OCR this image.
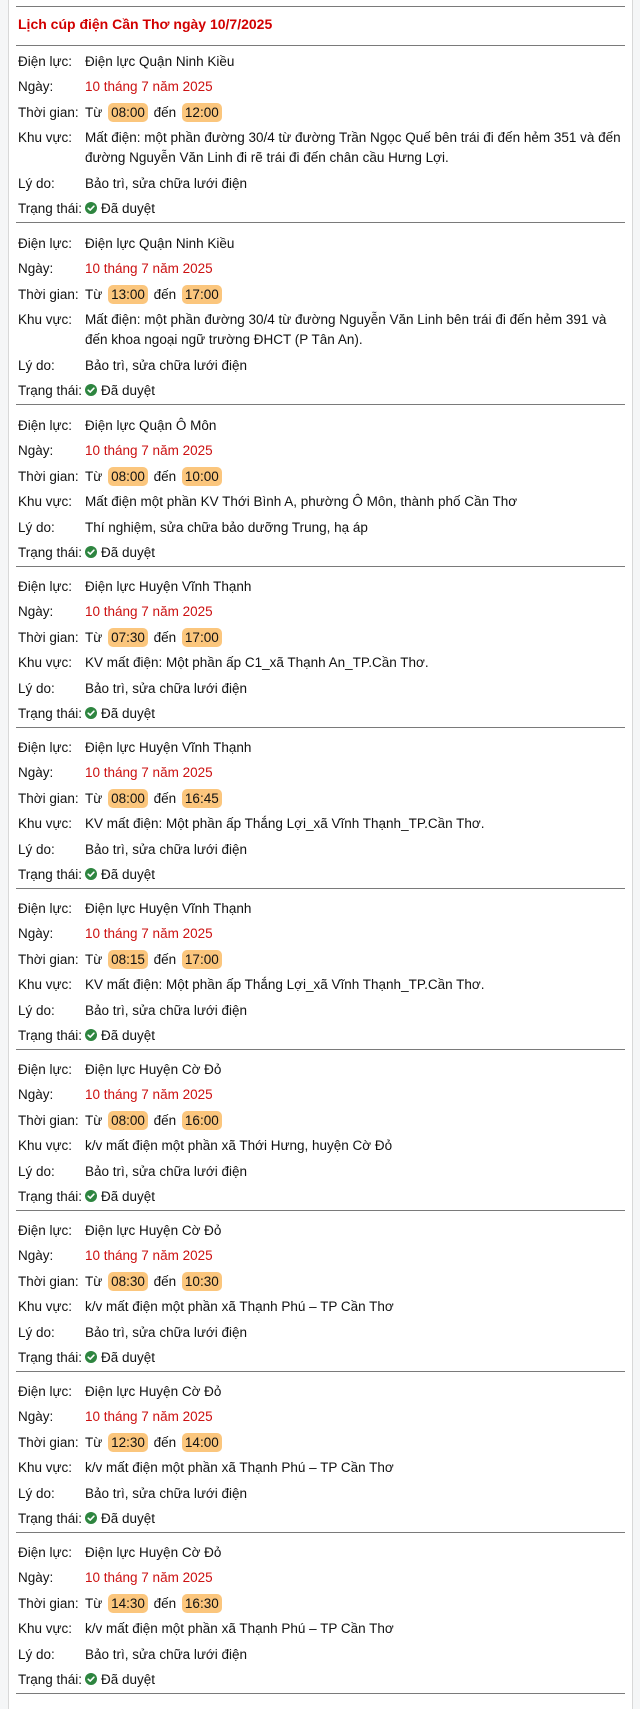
Lịch cúp điện Cần Thơ ngày 10/7/2025
Điện lực: Điện lực Quận Ninh Kiều
Ngày:	10 tháng 7 năm 2025
Thời gian: Từ 08:00 đến 12:00
Khu vực: Mất điện: một phần đường 30/4 từ đường Trần Ngọc Quế bên trái đi đến hẻm 351 và đến đường Nguyễn Văn Linh đi rẽ trái đi đến chân cầu Hưng Lợi.
Lý do:	Bảo trì, sửa chữa lưới điện
Trạng thái:	Đã duyệt
Điện lực: Điện lực Quận Ninh Kiều
Ngày:	10 tháng 7 năm 2025
Thời gian: Từ 13:00 đến 17:00
Khu vực: Mất điện: một phần đường 30/4 từ đường Nguyễn Văn Linh bên trái đi đến hẻm 391 và đến khoa ngoại ngữ trường ĐHCT (P Tân An).
Lý do:	Bảo trì, sửa chữa lưới điện
Trạng thái:	Đã duyệt
Điện lực: Điện lực Quận Ô Môn
Ngày:	10 tháng 7 năm 2025
Thời gian: Từ 08:00 đến 10:00
Khu vực: Mất điện một phần KV Thới Bình A, phường Ô Môn, thành phố Cần Thơ
Lý do:	Thí nghiệm, sửa chữa bảo dưỡng Trung, hạ áp
Trạng thái:	Đã duyệt
Điện lực: Điện lực Huyện Vĩnh Thạnh
Ngày:	10 tháng 7 năm 2025
Thời gian: Từ 07:30 đến 17:00
Khu vực: KV mất điện: Một phần ấp C1_xã Thạnh An_TP.Cần Thơ.
Lý do:	Bảo trì, sửa chữa lưới điện
Trạng thái:	Đã duyệt
Điện lực: Điện lực Huyện Vĩnh Thạnh
Ngày:	10 tháng 7 năm 2025
Thời gian: Từ 08:00 đến 16:45
Khu vực: KV mất điện: Một phần ấp Thắng Lợi_xã Vĩnh Thạnh_TP.Cần Thơ.
Lý do:	Bảo trì, sửa chữa lưới điện
Trạng thái:	Đã duyệt
Điện lực: Điện lực Huyện Vĩnh Thạnh
Ngày:	10 tháng 7 năm 2025
Thời gian: Từ 08:15 đến 17:00
Khu vực: KV mất điện: Một phần ấp Thắng Lợi_xã Vĩnh Thạnh_TP.Cần Thơ.
Lý do:	Bảo trì, sửa chữa lưới điện
Trạng thái:	Đã duyệt
Điện lực: Điện lực Huyện Cờ Đỏ
Ngày:	10 tháng 7 năm 2025
Thời gian: Từ 08:00 đến 16:00
Khu vực: k/v mất điện một phần xã Thới Hưng, huyện Cờ Đỏ
Lý do:	Bảo trì, sửa chữa lưới điện
Trạng thái:	Đã duyệt
Điện lực: Điện lực Huyện Cờ Đỏ
Ngày:	10 tháng 7 năm 2025
Thời gian: Từ 08:30 đến 10:30
Khu vực: k/v mất điện một phần xã Thạnh Phú – TP Cần Thơ
Lý do:	Bảo trì, sửa chữa lưới điện
Trạng thái:	Đã duyệt
Điện lực: Điện lực Huyện Cờ Đỏ
Ngày:	10 tháng 7 năm 2025
Thời gian: Từ 12:30 đến 14:00
Khu vực: k/v mất điện một phần xã Thạnh Phú – TP Cần Thơ
Lý do:	Bảo trì, sửa chữa lưới điện
Trạng thái:	Đã duyệt
Điện lực: Điện lực Huyện Cờ Đỏ
Ngày:	10 tháng 7 năm 2025
Thời gian: Từ 14:30 đến 16:30
Khu vực: k/v mất điện một phần xã Thạnh Phú – TP Cần Thơ
Lý do:	Bảo trì, sửa chữa lưới điện
Trạng thái:	Đã duyệt
